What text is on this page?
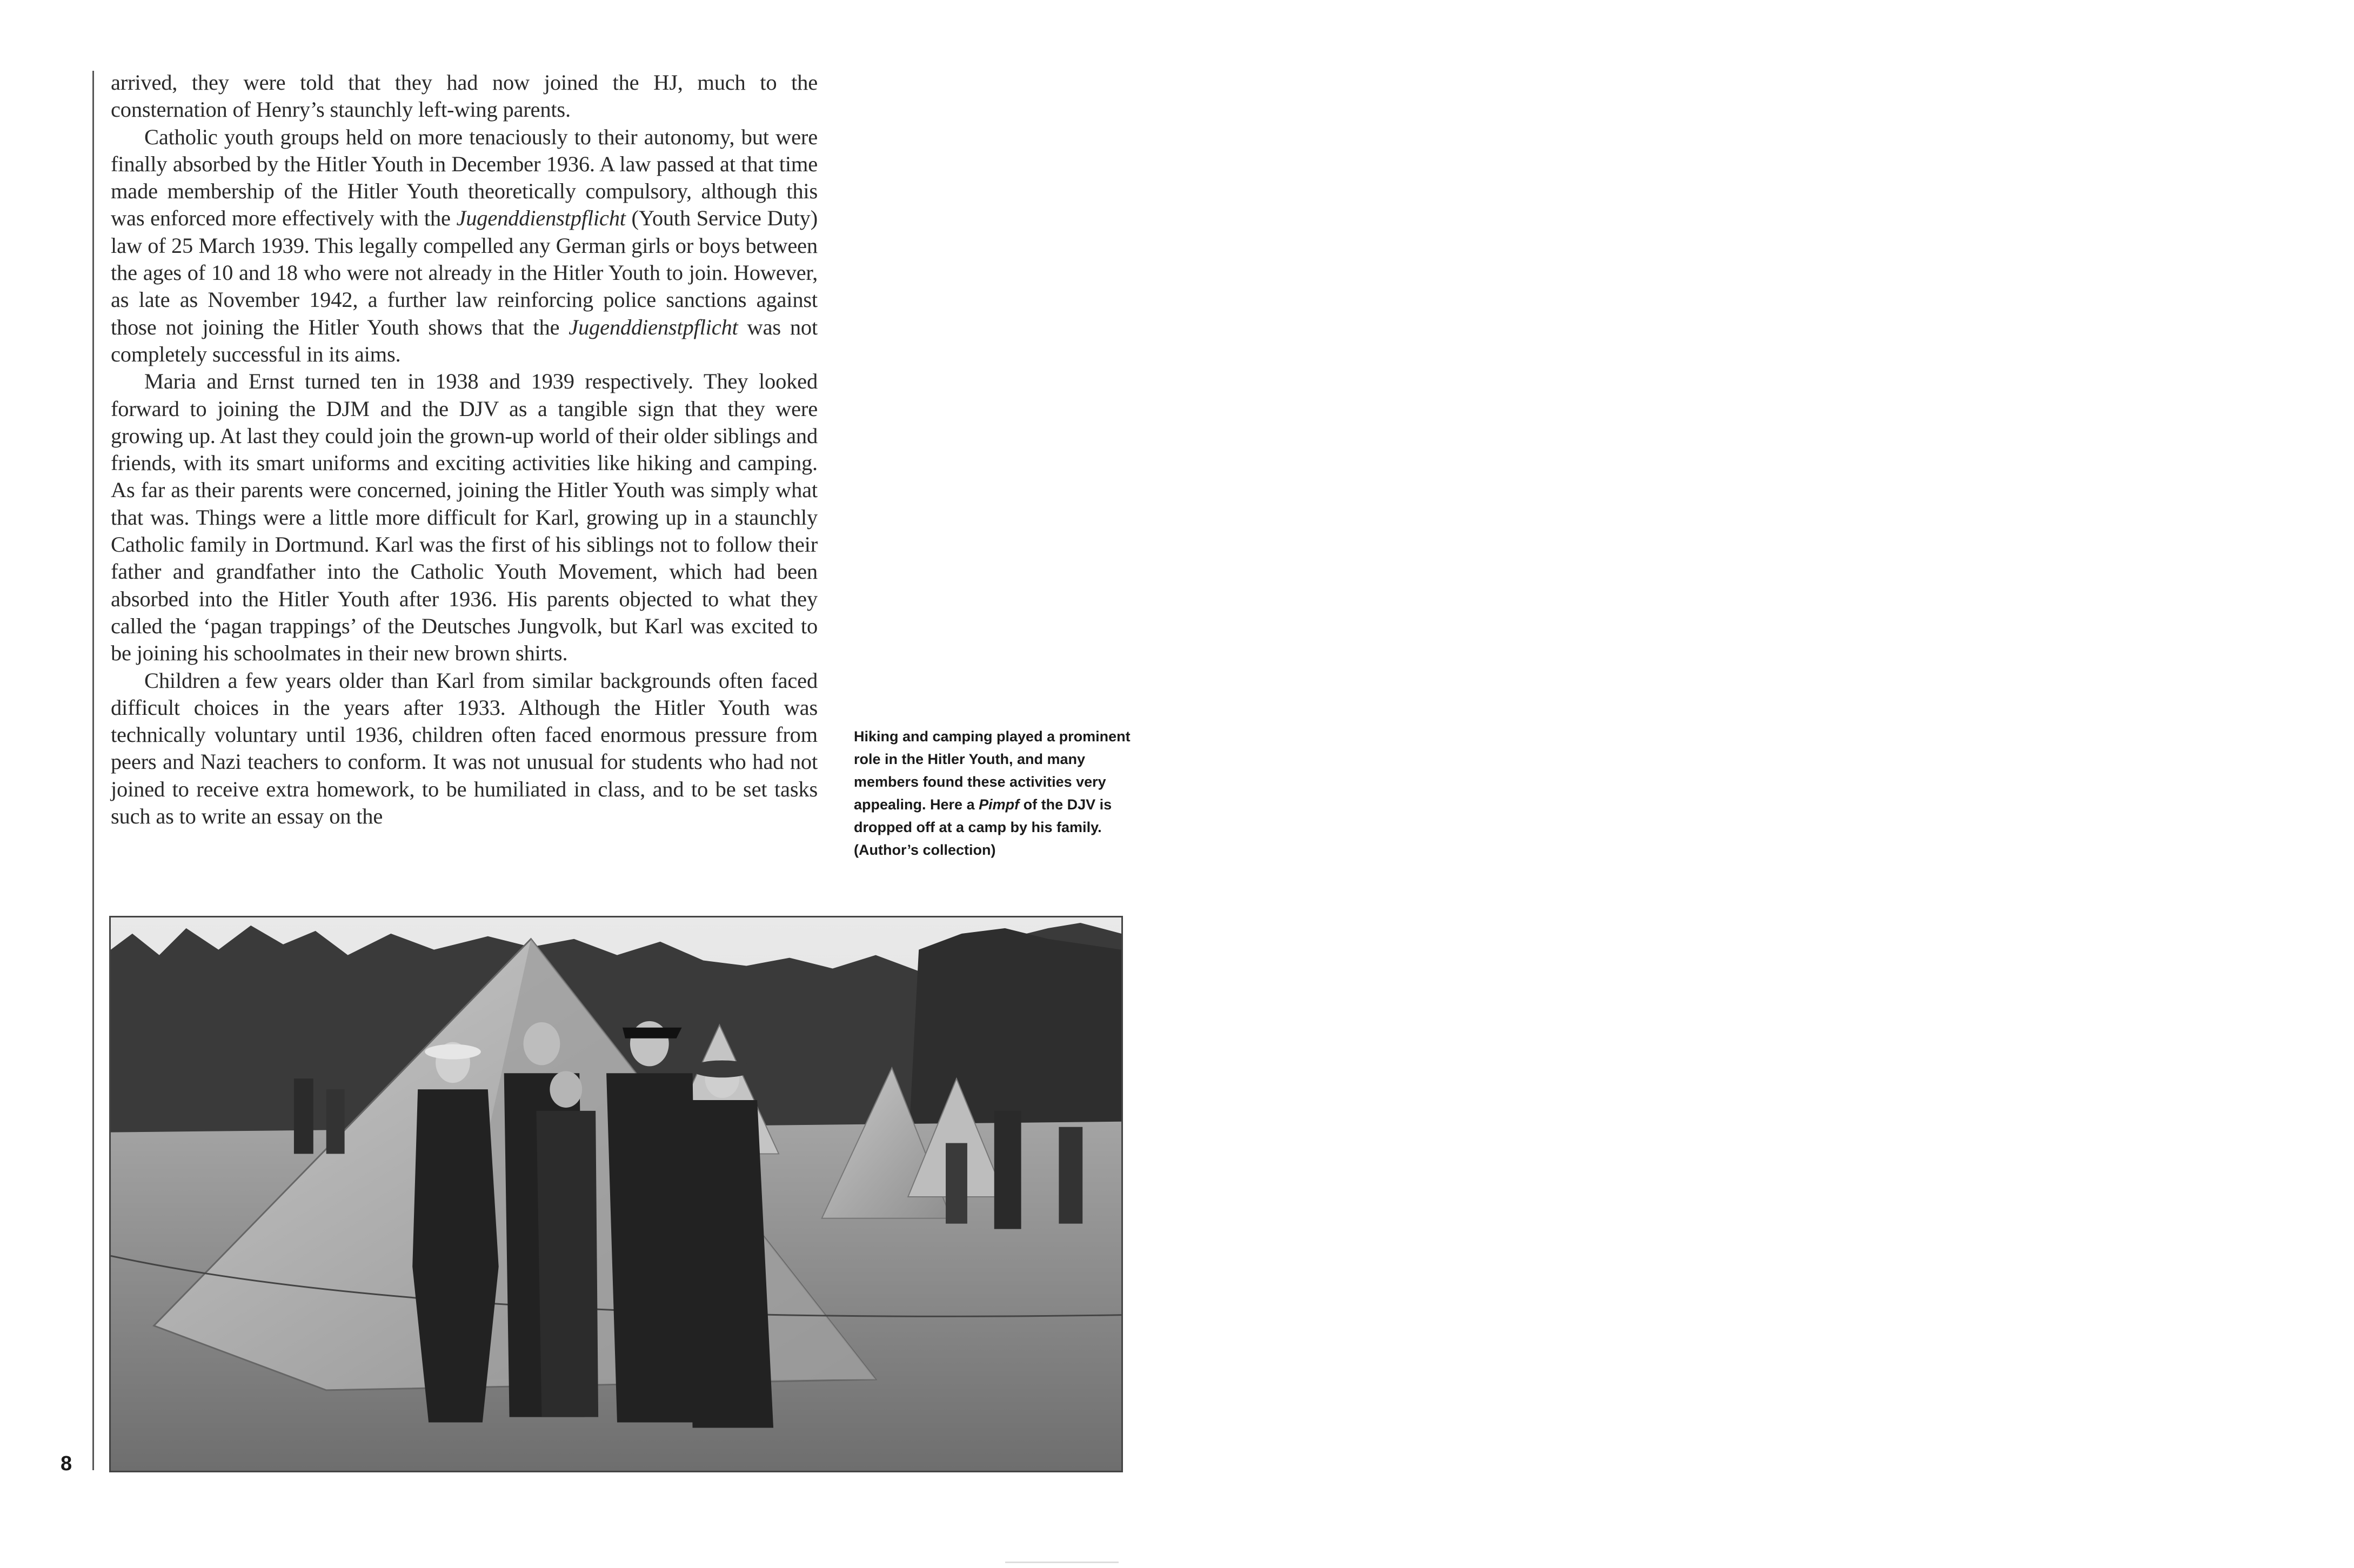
arrived, they were told that they had now joined the HJ, much to the consternation of Henry’s staunchly left-wing parents.

Catholic youth groups held on more tenaciously to their autonomy, but were finally absorbed by the Hitler Youth in December 1936. A law passed at that time made membership of the Hitler Youth theoretically compulsory, although this was enforced more effectively with the Jugenddienstpflicht (Youth Service Duty) law of 25 March 1939. This legally compelled any German girls or boys between the ages of 10 and 18 who were not already in the Hitler Youth to join. However, as late as November 1942, a further law reinforcing police sanctions against those not joining the Hitler Youth shows that the Jugenddienstpflicht was not completely successful in its aims.

Maria and Ernst turned ten in 1938 and 1939 respectively. They looked forward to joining the DJM and the DJV as a tangible sign that they were growing up. At last they could join the grown-up world of their older siblings and friends, with its smart uniforms and exciting activities like hiking and camping. As far as their parents were concerned, joining the Hitler Youth was simply what that was. Things were a little more difficult for Karl, growing up in a staunchly Catholic family in Dortmund. Karl was the first of his siblings not to follow their father and grandfather into the Catholic Youth Movement, which had been absorbed into the Hitler Youth after 1936. His parents objected to what they called the ‘pagan trappings’ of the Deutsches Jungvolk, but Karl was excited to be joining his schoolmates in their new brown shirts.

Children a few years older than Karl from similar backgrounds often faced difficult choices in the years after 1933. Although the Hitler Youth was technically voluntary until 1936, children often faced enormous pressure from peers and Nazi teachers to conform. It was not unusual for students who had not joined to receive extra homework, to be humiliated in class, and to be set tasks such as to write an essay on the

Hiking and camping played a prominent role in the Hitler Youth, and many members found these activities very appealing. Here a Pimpf of the DJV is dropped off at a camp by his family. (Author’s collection)
8
